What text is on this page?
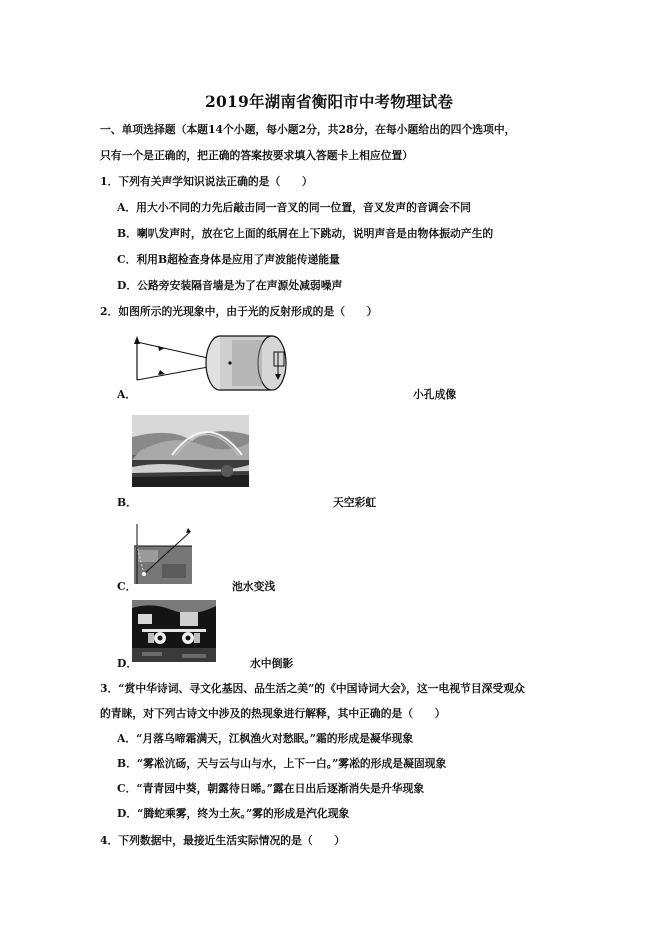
2019年湖南省衡阳市中考物理试卷
一、单项选择题（本题14个小题，每小题2分，共28分，在每小题给出的四个选项中，
只有一个是正确的，把正确的答案按要求填入答题卡上相应位置）
1．下列有关声学知识说法正确的是（　　）
A．用大小不同的力先后敲击同一音叉的同一位置，音叉发声的音调会不同
B．喇叭发声时，放在它上面的纸屑在上下跳动，说明声音是由物体振动产生的
C．利用B超检查身体是应用了声波能传递能量
D．公路旁安装隔音墙是为了在声源处减弱噪声
2．如图所示的光现象中，由于光的反射形成的是（　　）
A．	小孔成像
B．	天空彩虹
C．	池水变浅
D．	水中倒影
3．“赏中华诗词、寻文化基因、品生活之美”的《中国诗词大会》，这一电视节目深受观众
的青睐，对下列古诗文中涉及的热现象进行解释，其中正确的是（　　）
A．“月落乌啼霜满天，江枫渔火对愁眠。”霜的形成是凝华现象
B．“雾凇沆砀，天与云与山与水，上下一白。”雾凇的形成是凝固现象
C．“青青园中葵，朝露待日晞。”露在日出后逐渐消失是升华现象
D．“腾蛇乘雾，终为土灰。”雾的形成是汽化现象
4．下列数据中，最接近生活实际情况的是（　　）
